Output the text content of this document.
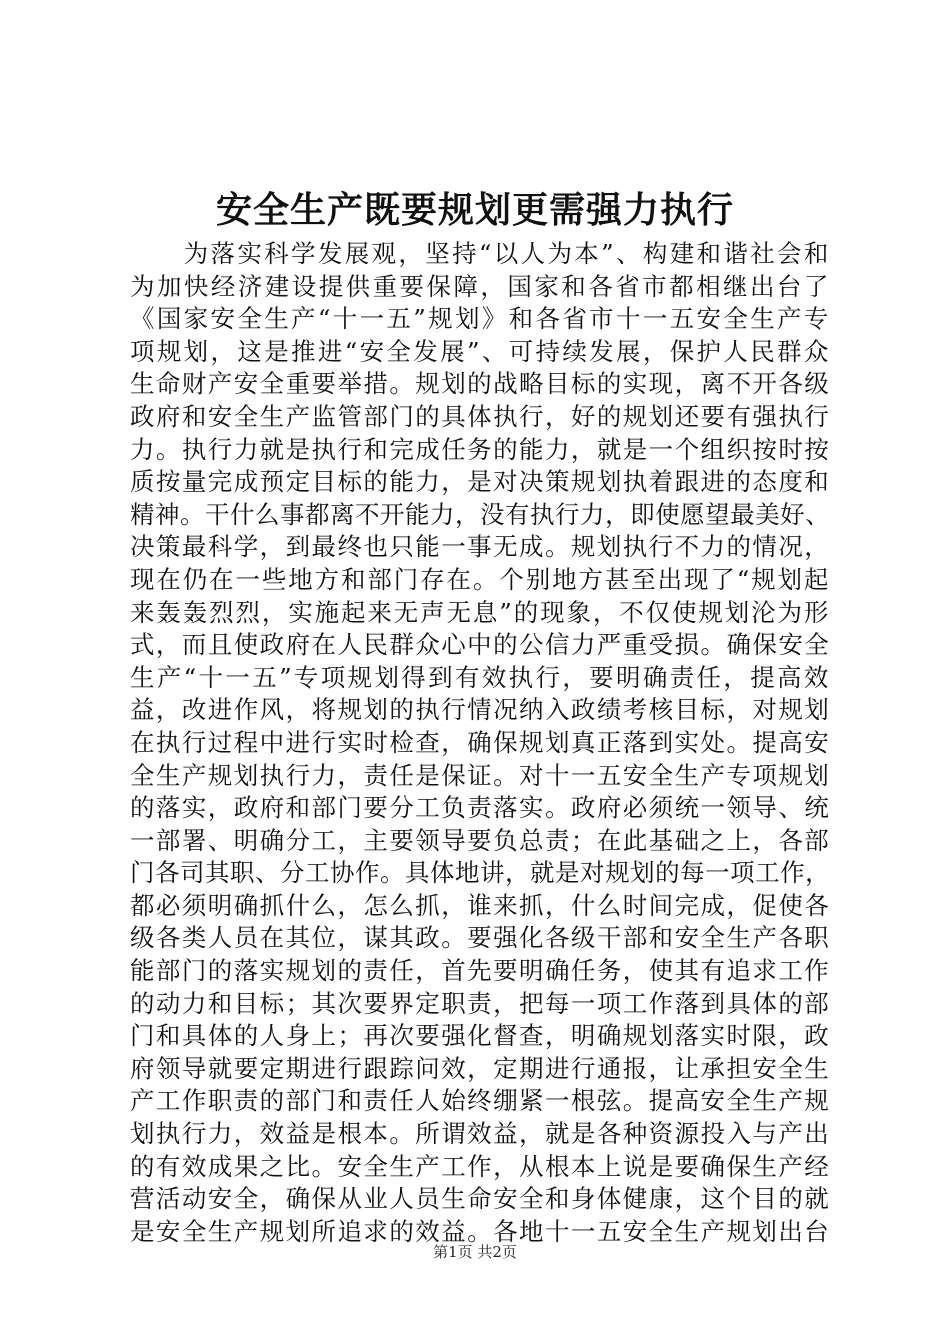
安全生产既要规划更需强力执行
　　为落实科学发展观，坚持“以人为本”、构建和谐社会和
为加快经济建设提供重要保障，国家和各省市都相继出台了
《国家安全生产“十一五”规划》和各省市十一五安全生产专
项规划，这是推进“安全发展”、可持续发展，保护人民群众
生命财产安全重要举措。规划的战略目标的实现，离不开各级
政府和安全生产监管部门的具体执行，好的规划还要有强执行
力。执行力就是执行和完成任务的能力，就是一个组织按时按
质按量完成预定目标的能力，是对决策规划执着跟进的态度和
精神。干什么事都离不开能力，没有执行力，即使愿望最美好、
决策最科学，到最终也只能一事无成。规划执行不力的情况，
现在仍在一些地方和部门存在。个别地方甚至出现了“规划起
来轰轰烈烈，实施起来无声无息”的现象，不仅使规划沦为形
式，而且使政府在人民群众心中的公信力严重受损。确保安全
生产“十一五”专项规划得到有效执行，要明确责任，提高效
益，改进作风，将规划的执行情况纳入政绩考核目标，对规划
在执行过程中进行实时检查，确保规划真正落到实处。提高安
全生产规划执行力，责任是保证。对十一五安全生产专项规划
的落实，政府和部门要分工负责落实。政府必须统一领导、统
一部署、明确分工，主要领导要负总责；在此基础之上，各部
门各司其职、分工协作。具体地讲，就是对规划的每一项工作，
都必须明确抓什么，怎么抓，谁来抓，什么时间完成，促使各
级各类人员在其位，谋其政。要强化各级干部和安全生产各职
能部门的落实规划的责任，首先要明确任务，使其有追求工作
的动力和目标；其次要界定职责，把每一项工作落到具体的部
门和具体的人身上；再次要强化督查，明确规划落实时限，政
府领导就要定期进行跟踪问效，定期进行通报，让承担安全生
产工作职责的部门和责任人始终绷紧一根弦。提高安全生产规
划执行力，效益是根本。所谓效益，就是各种资源投入与产出
的有效成果之比。安全生产工作，从根本上说是要确保生产经
营活动安全，确保从业人员生命安全和身体健康，这个目的就
是安全生产规划所追求的效益。各地十一五安全生产规划出台
第1页 共2页
